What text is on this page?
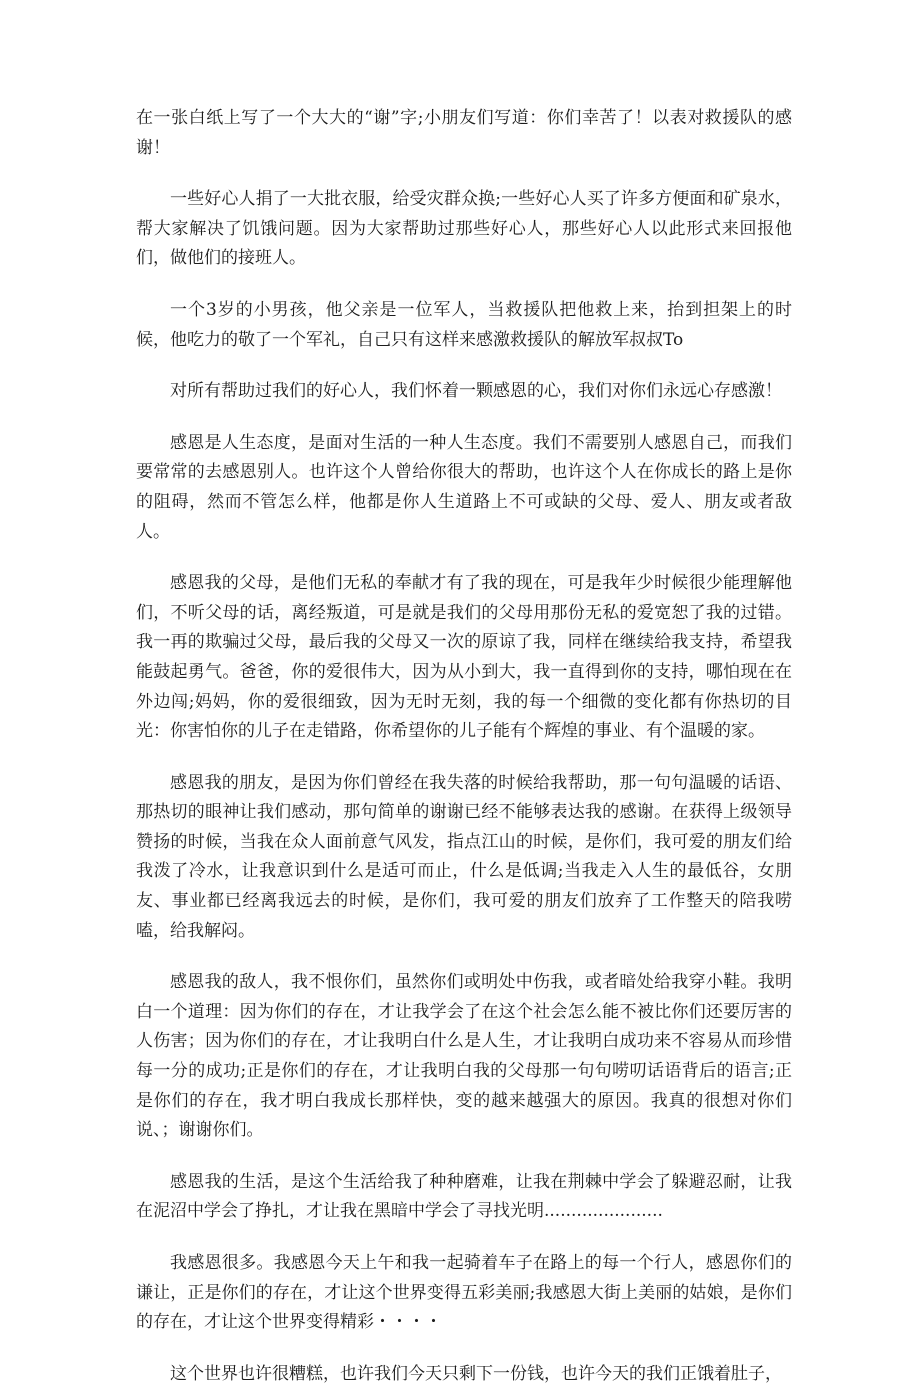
在一张白纸上写了一个大大的“谢”字;小朋友们写道：你们幸苦了！以表对救援队的感谢！

一些好心人捐了一大批衣服，给受灾群众换;一些好心人买了许多方便面和矿泉水，帮大家解决了饥饿问题。因为大家帮助过那些好心人，那些好心人以此形式来回报他们，做他们的接班人。

一个3岁的小男孩，他父亲是一位军人，当救援队把他救上来，抬到担架上的时候，他吃力的敬了一个军礼，自己只有这样来感激救援队的解放军叔叔To

对所有帮助过我们的好心人，我们怀着一颗感恩的心，我们对你们永远心存感激！

感恩是人生态度，是面对生活的一种人生态度。我们不需要别人感恩自己，而我们要常常的去感恩别人。也许这个人曾给你很大的帮助，也许这个人在你成长的路上是你的阻碍，然而不管怎么样，他都是你人生道路上不可或缺的父母、爱人、朋友或者敌人。

感恩我的父母，是他们无私的奉献才有了我的现在，可是我年少时候很少能理解他们，不听父母的话，离经叛道，可是就是我们的父母用那份无私的爱宽恕了我的过错。我一再的欺骗过父母，最后我的父母又一次的原谅了我，同样在继续给我支持，希望我能鼓起勇气。爸爸，你的爱很伟大，因为从小到大，我一直得到你的支持，哪怕现在在外边闯;妈妈，你的爱很细致，因为无时无刻，我的每一个细微的变化都有你热切的目光：你害怕你的儿子在走错路，你希望你的儿子能有个辉煌的事业、有个温暖的家。

感恩我的朋友，是因为你们曾经在我失落的时候给我帮助，那一句句温暖的话语、那热切的眼神让我们感动，那句简单的谢谢已经不能够表达我的感谢。在获得上级领导赞扬的时候，当我在众人面前意气风发，指点江山的时候，是你们，我可爱的朋友们给我泼了冷水，让我意识到什么是适可而止，什么是低调;当我走入人生的最低谷，女朋友、事业都已经离我远去的时候，是你们，我可爱的朋友们放弃了工作整天的陪我唠嗑，给我解闷。

感恩我的敌人，我不恨你们，虽然你们或明处中伤我，或者暗处给我穿小鞋。我明白一个道理：因为你们的存在，才让我学会了在这个社会怎么能不被比你们还要厉害的人伤害；因为你们的存在，才让我明白什么是人生，才让我明白成功来不容易从而珍惜每一分的成功;正是你们的存在，才让我明白我的父母那一句句唠叨话语背后的语言;正是你们的存在，我才明白我成长那样快，变的越来越强大的原因。我真的很想对你们说、；谢谢你们。

感恩我的生活，是这个生活给我了种种磨难，让我在荆棘中学会了躲避忍耐，让我在泥沼中学会了挣扎，才让我在黑暗中学会了寻找光明......................

我感恩很多。我感恩今天上午和我一起骑着车子在路上的每一个行人，感恩你们的谦让，正是你们的存在，才让这个世界变得五彩美丽;我感恩大街上美丽的姑娘，是你们的存在，才让这个世界变得精彩・・・・

这个世界也许很糟糕，也许我们今天只剩下一份钱，也许今天的我们正饿着肚子，
